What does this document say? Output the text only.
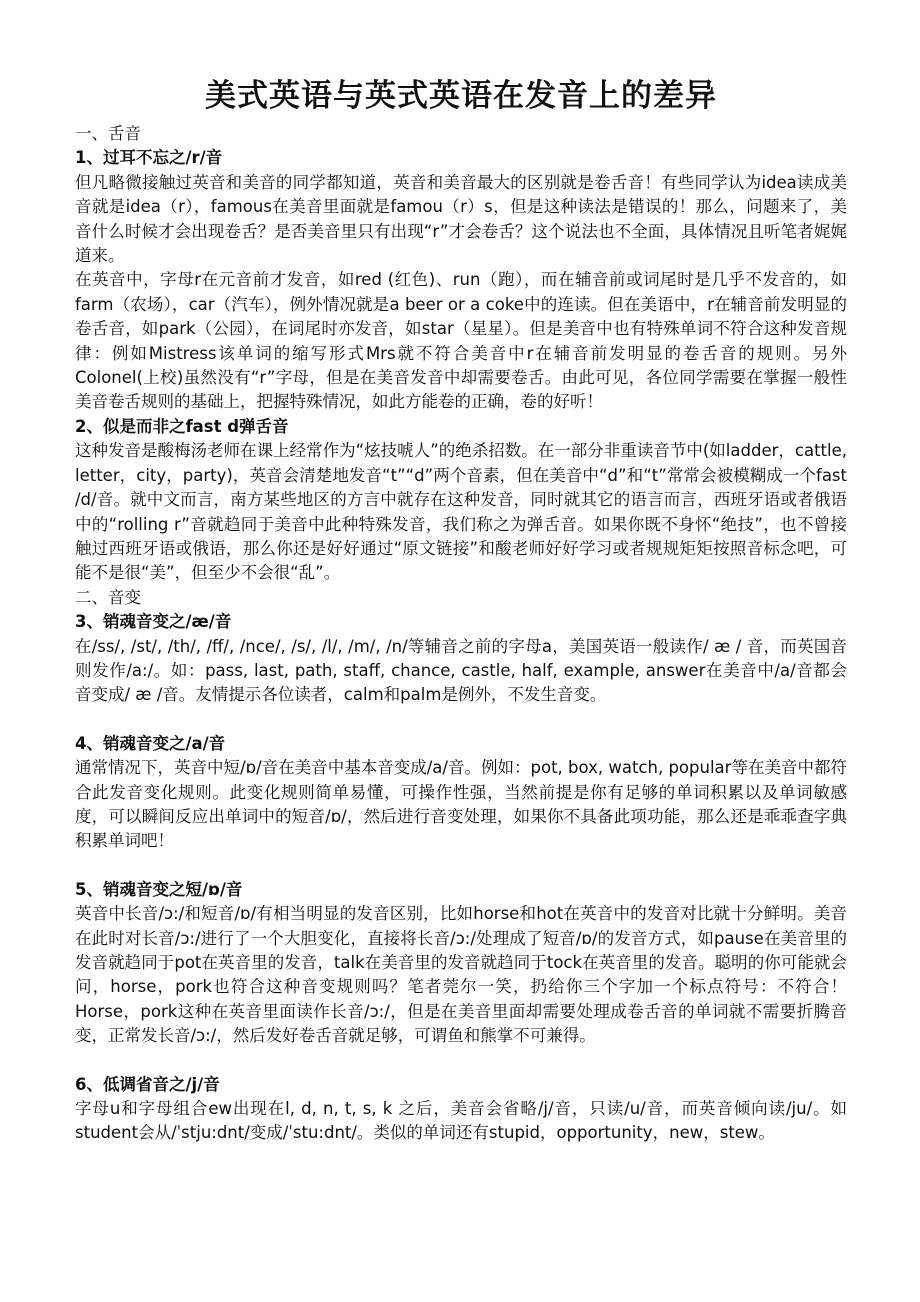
美式英语与英式英语在发音上的差异

一、舌音

1、过耳不忘之/r/音

但凡略微接触过英音和美音的同学都知道，英音和美音最大的区别就是卷舌音！有些同学认为idea读成美音就是idea（r），famous在美音里面就是famou（r）s，但是这种读法是错误的！那么，问题来了，美音什么时候才会出现卷舌？是否美音里只有出现“r”才会卷舌？这个说法也不全面，具体情况且听笔者娓娓道来。

在英音中，字母r在元音前才发音，如red (红色)、run（跑），而在辅音前或词尾时是几乎不发音的，如farm（农场），car（汽车），例外情况就是a beer or a coke中的连读。但在美语中，r在辅音前发明显的卷舌音，如park（公园），在词尾时亦发音，如star（星星）。但是美音中也有特殊单词不符合这种发音规律：例如Mistress该单词的缩写形式Mrs就不符合美音中r在辅音前发明显的卷舌音的规则。另外Colonel(上校)虽然没有“r”字母，但是在美音发音中却需要卷舌。由此可见，各位同学需要在掌握一般性美音卷舌规则的基础上，把握特殊情况，如此方能卷的正确，卷的好听！

2、似是而非之fast d弹舌音

这种发音是酸梅汤老师在课上经常作为“炫技唬人”的绝杀招数。在一部分非重读音节中(如ladder，cattle, letter，city，party)，英音会清楚地发音“t”“d”两个音素，但在美音中“d”和“t”常常会被模糊成一个fast /d/音。就中文而言，南方某些地区的方言中就存在这种发音，同时就其它的语言而言，西班牙语或者俄语中的“rolling r”音就趋同于美音中此种特殊发音，我们称之为弹舌音。如果你既不身怀“绝技”，也不曾接触过西班牙语或俄语，那么你还是好好通过“原文链接”和酸老师好好学习或者规规矩矩按照音标念吧，可能不是很“美”，但至少不会很“乱”。

二、音变

3、销魂音变之/æ/音

在/ss/, /st/, /th/, /ff/, /nce/, /s/, /l/, /m/, /n/等辅音之前的字母a，美国英语一般读作/ æ / 音，而英国音则发作/a:/。如：pass, last, path, staff, chance, castle, half, example, answer在美音中/a/音都会音变成/ æ /音。友情提示各位读者，calm和palm是例外，不发生音变。

4、销魂音变之/a/音

通常情况下，英音中短/ɒ/音在美音中基本音变成/a/音。例如：pot, box, watch, popular等在美音中都符合此发音变化规则。此变化规则简单易懂，可操作性强，当然前提是你有足够的单词积累以及单词敏感度，可以瞬间反应出单词中的短音/ɒ/，然后进行音变处理，如果你不具备此项功能，那么还是乖乖查字典积累单词吧！

5、销魂音变之短/ɒ/音

英音中长音/ɔ:/和短音/ɒ/有相当明显的发音区别，比如horse和hot在英音中的发音对比就十分鲜明。美音在此时对长音/ɔ:/进行了一个大胆变化，直接将长音/ɔ:/处理成了短音/ɒ/的发音方式，如pause在美音里的发音就趋同于pot在英音里的发音，talk在美音里的发音就趋同于tock在英音里的发音。聪明的你可能就会问，horse，pork也符合这种音变规则吗？笔者莞尔一笑，扔给你三个字加一个标点符号：不符合！Horse，pork这种在英音里面读作长音/ɔ:/，但是在美音里面却需要处理成卷舌音的单词就不需要折腾音变，正常发长音/ɔ:/，然后发好卷舌音就足够，可谓鱼和熊掌不可兼得。

6、低调省音之/j/音

字母u和字母组合ew出现在l, d, n, t, s, k 之后，美音会省略/j/音，只读/u/音，而英音倾向读/ju/。如student会从/ˈstju:dnt/变成/ˈstu:dnt/。类似的单词还有stupid，opportunity，new，stew。
